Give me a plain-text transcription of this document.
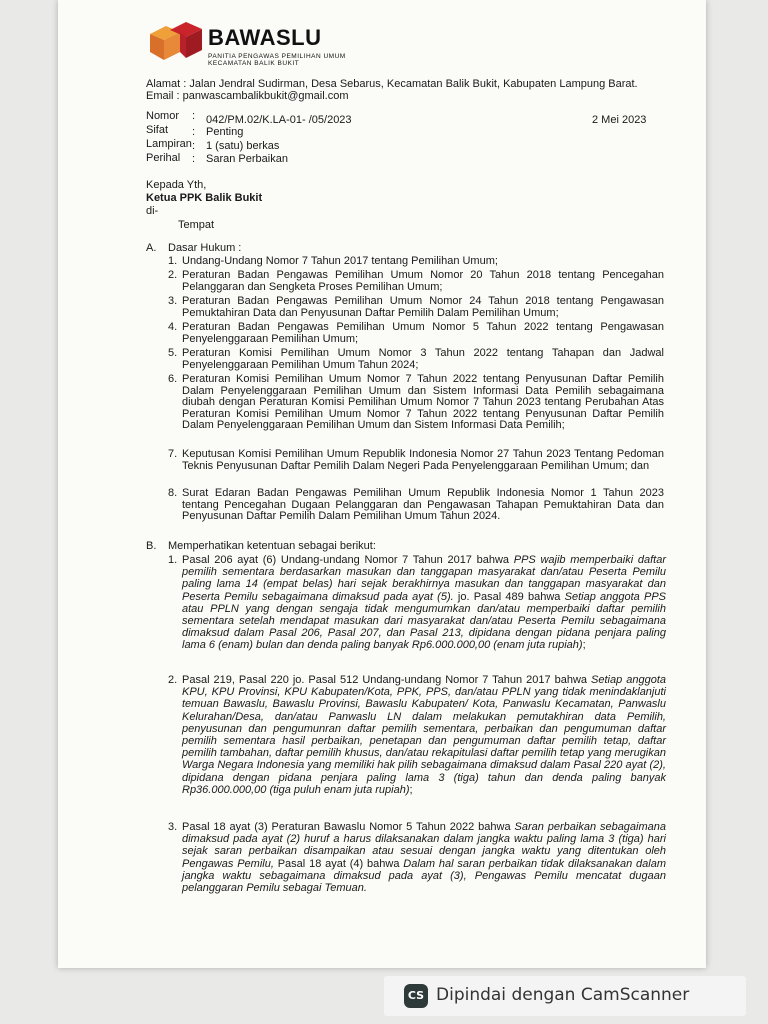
BAWASLU
PANITIA PENGAWAS PEMILIHAN UMUM
KECAMATAN BALIK BUKIT
Alamat : Jalan Jendral Sudirman, Desa Sebarus, Kecamatan Balik Bukit, Kabupaten Lampung Barat.
Email : panwascambalikbukit@gmail.com
Nomor : 042/PM.02/K.LA-01- /05/2023
Sifat : Penting
Lampiran : 1 (satu) berkas
Perihal : Saran Perbaikan
2 Mei 2023
Kepada Yth,
Ketua PPK Balik Bukit
di-
Tempat
A. Dasar Hukum :
1. Undang-Undang Nomor 7 Tahun 2017 tentang Pemilihan Umum;
2. Peraturan Badan Pengawas Pemilihan Umum Nomor 20 Tahun 2018 tentang Pencegahan Pelanggaran dan Sengketa Proses Pemilihan Umum;
3. Peraturan Badan Pengawas Pemilihan Umum Nomor 24 Tahun 2018 tentang Pengawasan Pemuktahiran Data dan Penyusunan Daftar Pemilih Dalam Pemilihan Umum;
4. Peraturan Badan Pengawas Pemilihan Umum Nomor 5 Tahun 2022 tentang Pengawasan Penyelenggaraan Pemilihan Umum;
5. Peraturan Komisi Pemilihan Umum Nomor 3 Tahun 2022 tentang Tahapan dan Jadwal Penyelenggaraan Pemilihan Umum Tahun 2024;
6. Peraturan Komisi Pemilihan Umum Nomor 7 Tahun 2022 tentang Penyusunan Daftar Pemilih Dalam Penyelenggaraan Pemilihan Umum dan Sistem Informasi Data Pemilih sebagaimana diubah dengan Peraturan Komisi Pemilihan Umum Nomor 7 Tahun 2023 tentang Perubahan Atas Peraturan Komisi Pemilihan Umum Nomor 7 Tahun 2022 tentang Penyusunan Daftar Pemilih Dalam Penyelenggaraan Pemilihan Umum dan Sistem Informasi Data Pemilih;
7. Keputusan Komisi Pemilihan Umum Republik Indonesia Nomor 27 Tahun 2023 Tentang Pedoman Teknis Penyusunan Daftar Pemilih Dalam Negeri Pada Penyelenggaraan Pemilihan Umum; dan
8. Surat Edaran Badan Pengawas Pemilihan Umum Republik Indonesia Nomor 1 Tahun 2023 tentang Pencegahan Dugaan Pelanggaran dan Pengawasan Tahapan Pemuktahiran Data dan Penyusunan Daftar Pemilih Dalam Pemilihan Umum Tahun 2024.
B. Memperhatikan ketentuan sebagai berikut:
1. Pasal 206 ayat (6) Undang-undang Nomor 7 Tahun 2017 bahwa PPS wajib memperbaiki daftar pemilih sementara berdasarkan masukan dan tanggapan masyarakat dan/atau Peserta Pemilu paling lama 14 (empat belas) hari sejak berakhirnya masukan dan tanggapan masyarakat dan Peserta Pemilu sebagaimana dimaksud pada ayat (5). jo. Pasal 489 bahwa Setiap anggota PPS atau PPLN yang dengan sengaja tidak mengumumkan dan/atau memperbaiki daftar pemilih sementara setelah mendapat masukan dari masyarakat dan/atau Peserta Pemilu sebagaimana dimaksud dalam Pasal 206, Pasal 207, dan Pasal 213, dipidana dengan pidana penjara paling lama 6 (enam) bulan dan denda paling banyak Rp6.000.000,00 (enam juta rupiah);
2. Pasal 219, Pasal 220 jo. Pasal 512 Undang-undang Nomor 7 Tahun 2017 bahwa Setiap anggota KPU, KPU Provinsi, KPU Kabupaten/Kota, PPK, PPS, dan/atau PPLN yang tidak menindaklanjuti temuan Bawaslu, Bawaslu Provinsi, Bawaslu Kabupaten/ Kota, Panwaslu Kecamatan, Panwaslu Kelurahan/Desa, dan/atau Panwaslu LN dalam melakukan pemutakhiran data Pemilih, penyusunan dan pengumunran daftar pemilih sementara, perbaikan dan pengumuman daftar pemilih sementara hasil perbaikan, penetapan dan pengumuman daftar pemilih tetap, daftar pemilih tambahan, daftar pemilih khusus, dan/atau rekapitulasi daftar pemilih tetap yang merugikan Warga Negara Indonesia yang memiliki hak pilih sebagaimana dimaksud dalam Pasal 220 ayat (2), dipidana dengan pidana penjara paling lama 3 (tiga) tahun dan denda paling banyak Rp36.000.000,00 (tiga puluh enam juta rupiah);
3. Pasal 18 ayat (3) Peraturan Bawaslu Nomor 5 Tahun 2022 bahwa Saran perbaikan sebagaimana dimaksud pada ayat (2) huruf a harus dilaksanakan dalam jangka waktu paling lama 3 (tiga) hari sejak saran perbaikan disampaikan atau sesuai dengan jangka waktu yang ditentukan oleh Pengawas Pemilu, Pasal 18 ayat (4) bahwa Dalam hal saran perbaikan tidak dilaksanakan dalam jangka waktu sebagaimana dimaksud pada ayat (3), Pengawas Pemilu mencatat dugaan pelanggaran Pemilu sebagai Temuan.
CS Dipindai dengan CamScanner
